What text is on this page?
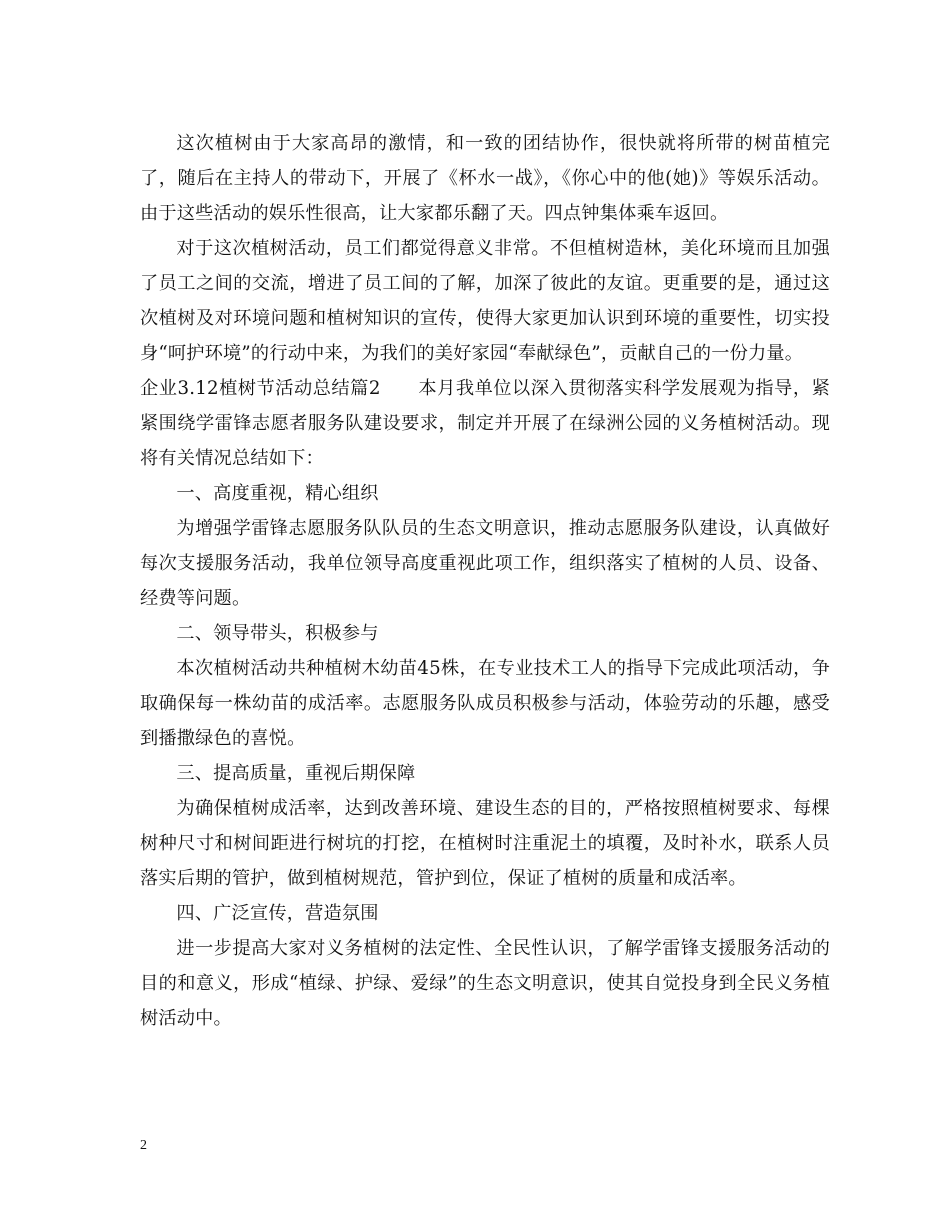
这次植树由于大家高昂的激情，和一致的团结协作，很快就将所带的树苗植完了，随后在主持人的带动下，开展了《杯水一战》，《你心中的他(她)》等娱乐活动。由于这些活动的娱乐性很高，让大家都乐翻了天。四点钟集体乘车返回。

对于这次植树活动，员工们都觉得意义非常。不但植树造林，美化环境而且加强了员工之间的交流，增进了员工间的了解，加深了彼此的友谊。更重要的是，通过这次植树及对环境问题和植树知识的宣传，使得大家更加认识到环境的重要性，切实投身“呵护环境”的行动中来，为我们的美好家园“奉献绿色”，贡献自己的一份力量。

企业3.12植树节活动总结篇2　　本月我单位以深入贯彻落实科学发展观为指导，紧紧围绕学雷锋志愿者服务队建设要求，制定并开展了在绿洲公园的义务植树活动。现将有关情况总结如下：

一、高度重视，精心组织

为增强学雷锋志愿服务队队员的生态文明意识，推动志愿服务队建设，认真做好每次支援服务活动，我单位领导高度重视此项工作，组织落实了植树的人员、设备、经费等问题。

二、领导带头，积极参与

本次植树活动共种植树木幼苗45株，在专业技术工人的指导下完成此项活动，争取确保每一株幼苗的成活率。志愿服务队成员积极参与活动，体验劳动的乐趣，感受到播撒绿色的喜悦。

三、提高质量，重视后期保障

为确保植树成活率，达到改善环境、建设生态的目的，严格按照植树要求、每棵树种尺寸和树间距进行树坑的打挖，在植树时注重泥土的填覆，及时补水，联系人员落实后期的管护，做到植树规范，管护到位，保证了植树的质量和成活率。

四、广泛宣传，营造氛围

进一步提高大家对义务植树的法定性、全民性认识，了解学雷锋支援服务活动的目的和意义，形成“植绿、护绿、爱绿”的生态文明意识，使其自觉投身到全民义务植树活动中。

2
